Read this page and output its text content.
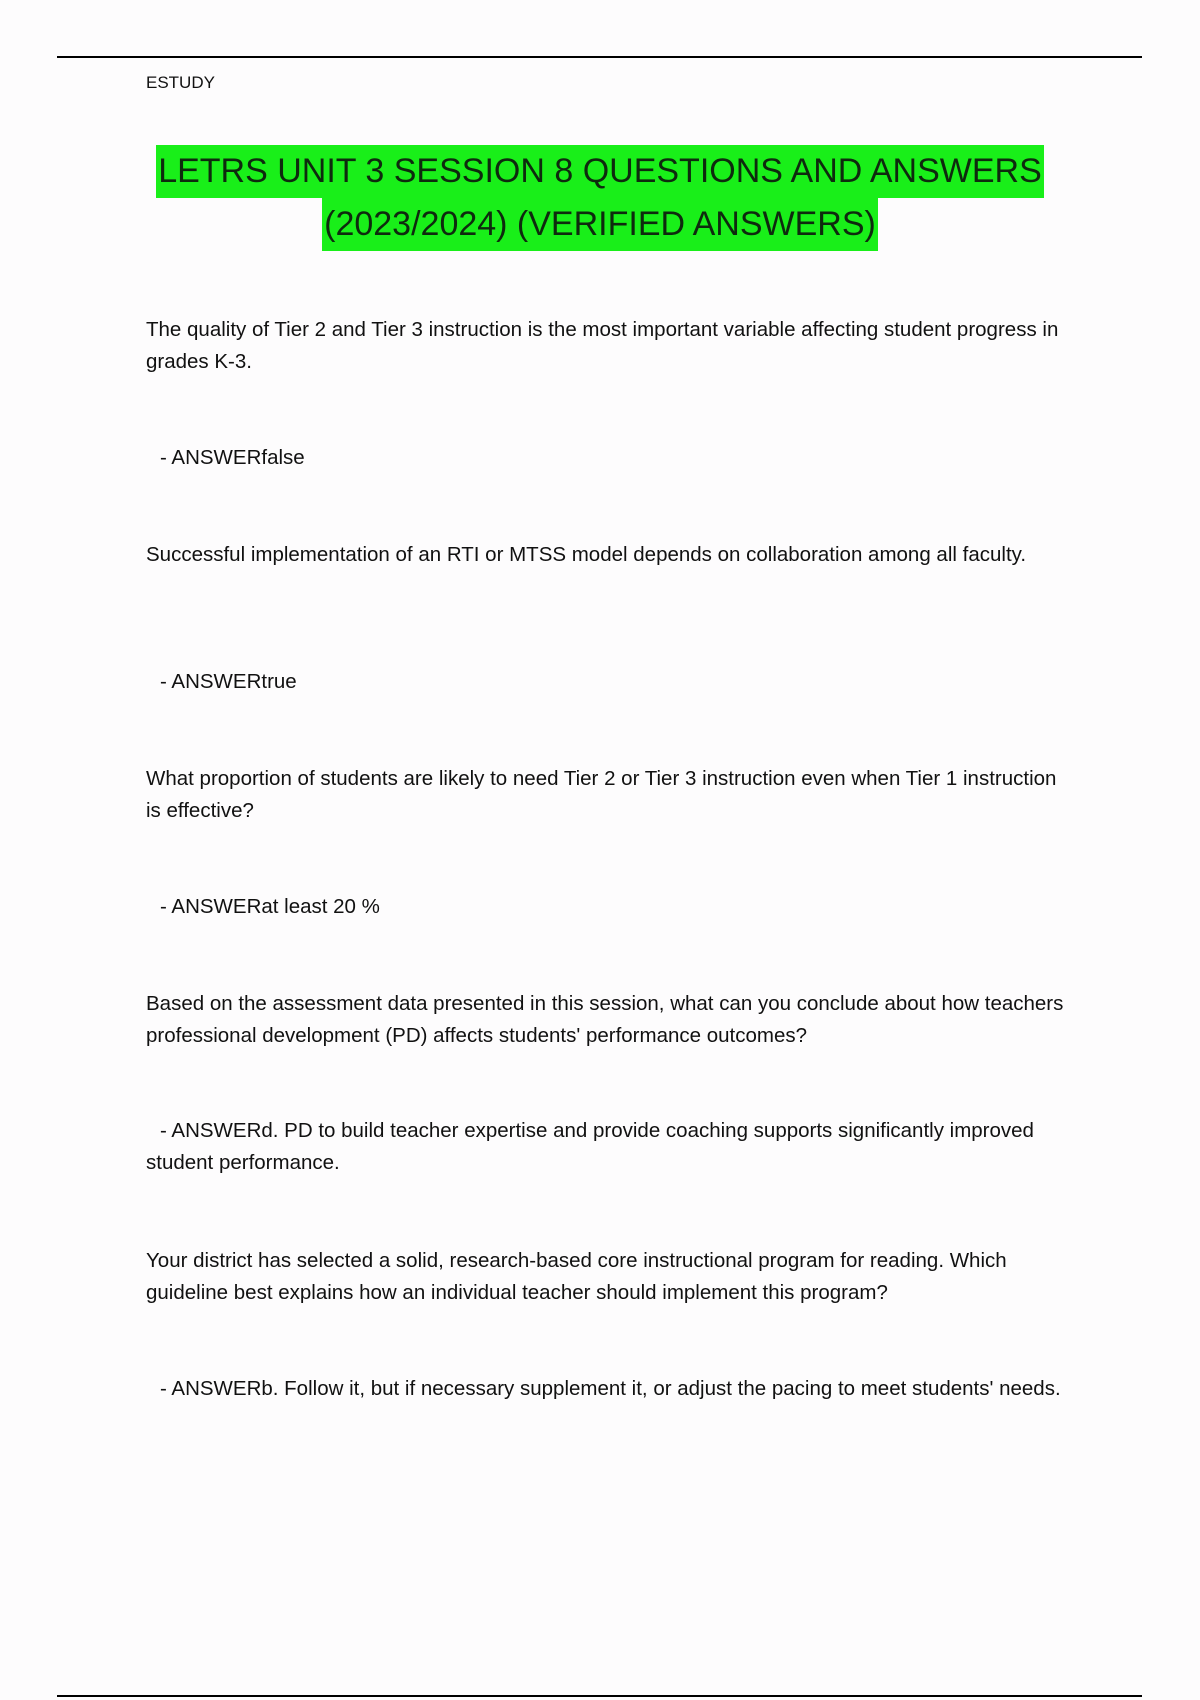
ESTUDY
LETRS UNIT 3 SESSION 8 QUESTIONS AND ANSWERS
(2023/2024) (VERIFIED ANSWERS)
The quality of Tier 2 and Tier 3 instruction is the most important variable affecting student progress in grades K-3.
- ANSWERfalse
Successful implementation of an RTI or MTSS model depends on collaboration among all faculty.
- ANSWERtrue
What proportion of students are likely to need Tier 2 or Tier 3 instruction even when Tier 1 instruction is effective?
- ANSWERat least 20 %
Based on the assessment data presented in this session, what can you conclude about how teachers professional development (PD) affects students' performance outcomes?
- ANSWERd. PD to build teacher expertise and provide coaching supports significantly improved student performance.
Your district has selected a solid, research-based core instructional program for reading. Which guideline best explains how an individual teacher should implement this program?
- ANSWERb. Follow it, but if necessary supplement it, or adjust the pacing to meet students' needs.
